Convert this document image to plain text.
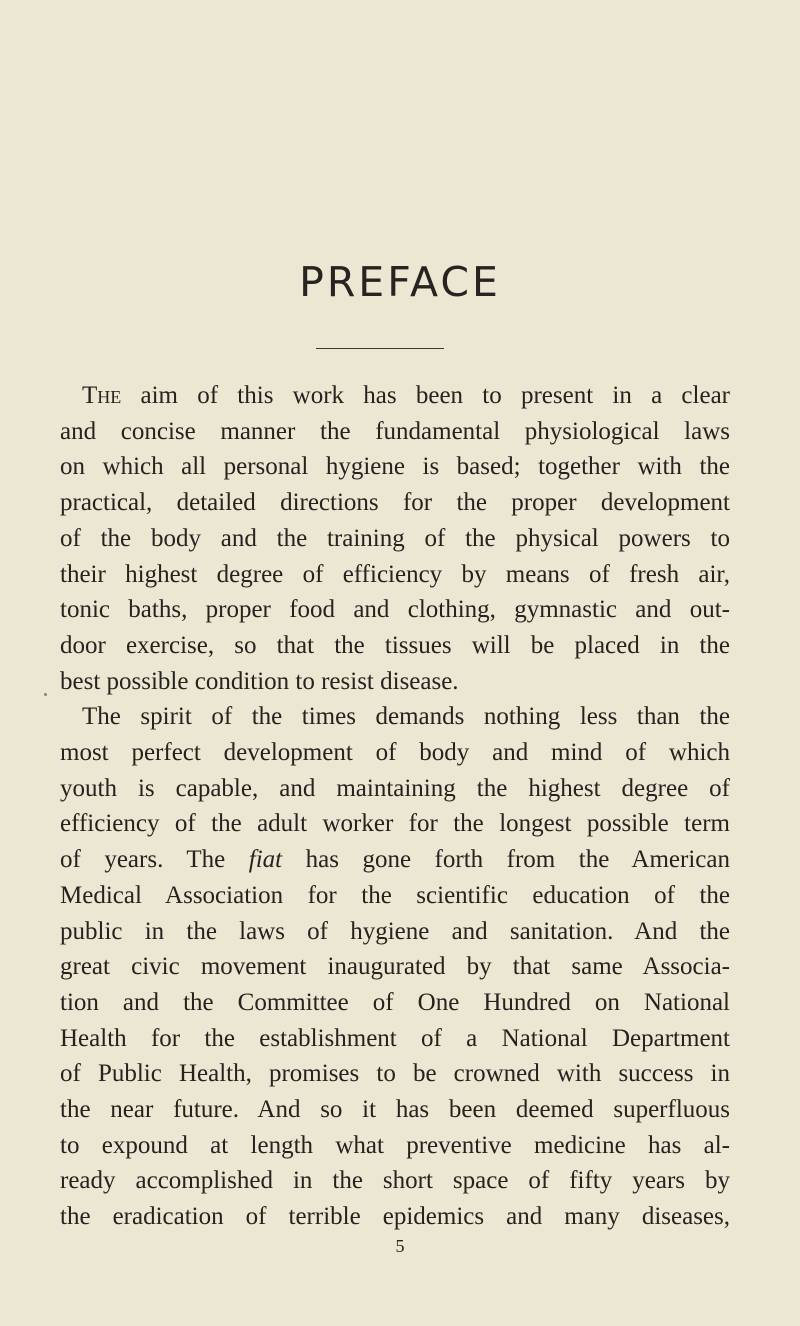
PREFACE
The aim of this work has been to present in a clear
and concise manner the fundamental physiological laws
on which all personal hygiene is based; together with the
practical, detailed directions for the proper development
of the body and the training of the physical powers to
their highest degree of efficiency by means of fresh air,
tonic baths, proper food and clothing, gymnastic and out-
door exercise, so that the tissues will be placed in the
best possible condition to resist disease.
The spirit of the times demands nothing less than the
most perfect development of body and mind of which
youth is capable, and maintaining the highest degree of
efficiency of the adult worker for the longest possible term
of years. The fiat has gone forth from the American
Medical Association for the scientific education of the
public in the laws of hygiene and sanitation. And the
great civic movement inaugurated by that same Associa-
tion and the Committee of One Hundred on National
Health for the establishment of a National Department
of Public Health, promises to be crowned with success in
the near future. And so it has been deemed superfluous
to expound at length what preventive medicine has al-
ready accomplished in the short space of fifty years by
the eradication of terrible epidemics and many diseases,
5
